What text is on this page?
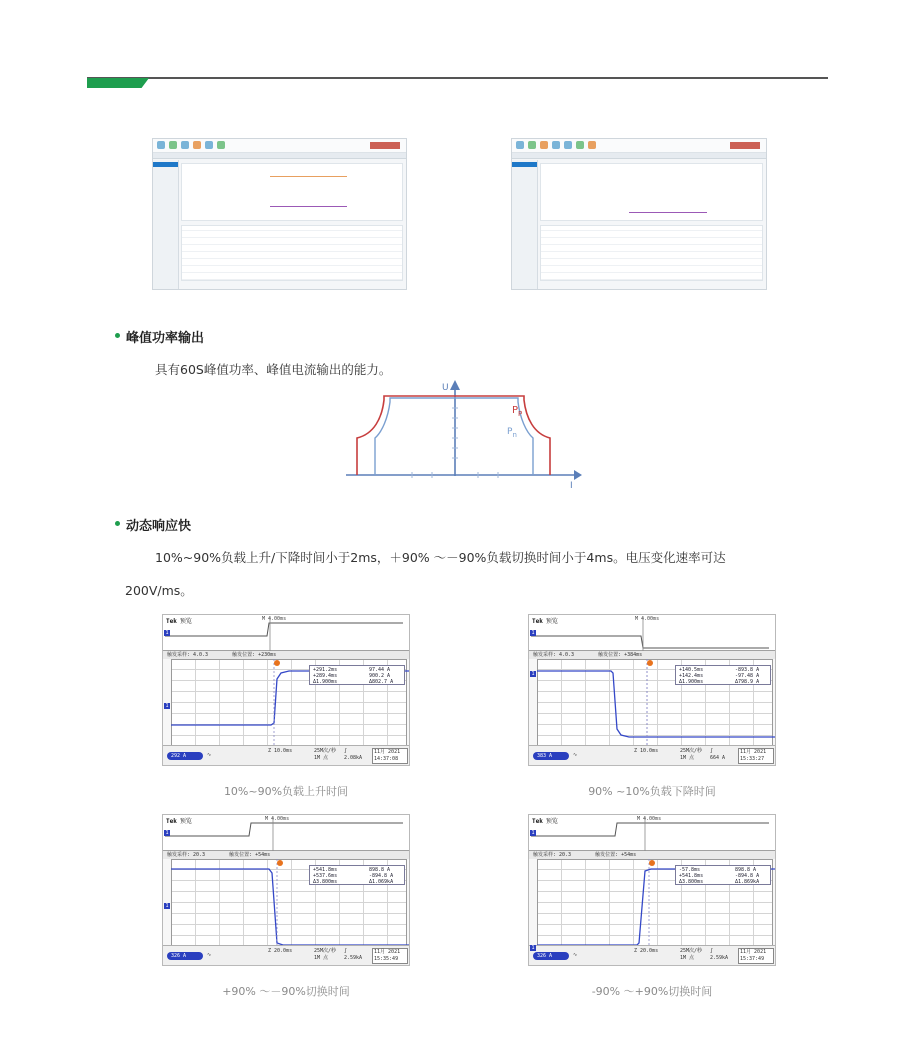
峰值功率输出
具有60S峰值功率、峰值电流输出的能力。
U
I
$P_P$
$P_n$
动态响应快
10%~90%负载上升/下降时间小于2ms，＋90% ～－90%负载切换时间小于4ms。电压变化速率可达
200V/ms。
Tek 预览	M 4.00ms
触发采样: 4.0.3	触发位置: +230ms
+291.2ms	97.44 A
+289.4ms	900.2 A
Δ1.900ms	Δ802.7 A
292 A	∿
Z 10.0ms	25M次/秒
1M 点
ʃ
2.08kA
11月 2021
14:37:08
1
1
10%~90%负载上升时间
Tek 预览	M 4.00ms
触发采样: 4.0.3	触发位置: +384ms
+140.5ms	-893.8 A
+142.4ms	-97.48 A
Δ1.900ms	Δ798.9 A
383 A	∿
Z 10.0ms	25M次/秒
1M 点
ʃ
664 A
11月 2021
15:33:27
1
1
90% ~10%负载下降时间
Tek 预览	M 4.00ms
触发采样: 20.3	触发位置: +54ms
+541.8ms	898.8 A
+537.6ms	-894.8 A
Δ3.800ms	Δ1.069kA
326 A	∿
Z 20.0ms	25M次/秒
1M 点
ʃ
2.59kA
11月 2021
15:35:49
1
1
+90% ～－90%切换时间
Tek 预览	M 4.00ms
触发采样: 20.3	触发位置: +54ms
-57.8ms	898.8 A
+541.8ms	-894.8 A
Δ3.800ms	Δ1.869kA
326 A	∿
Z 20.0ms	25M次/秒
1M 点
ʃ
2.59kA
11月 2021
15:37:49
1
1
-90% ～+90%切换时间
